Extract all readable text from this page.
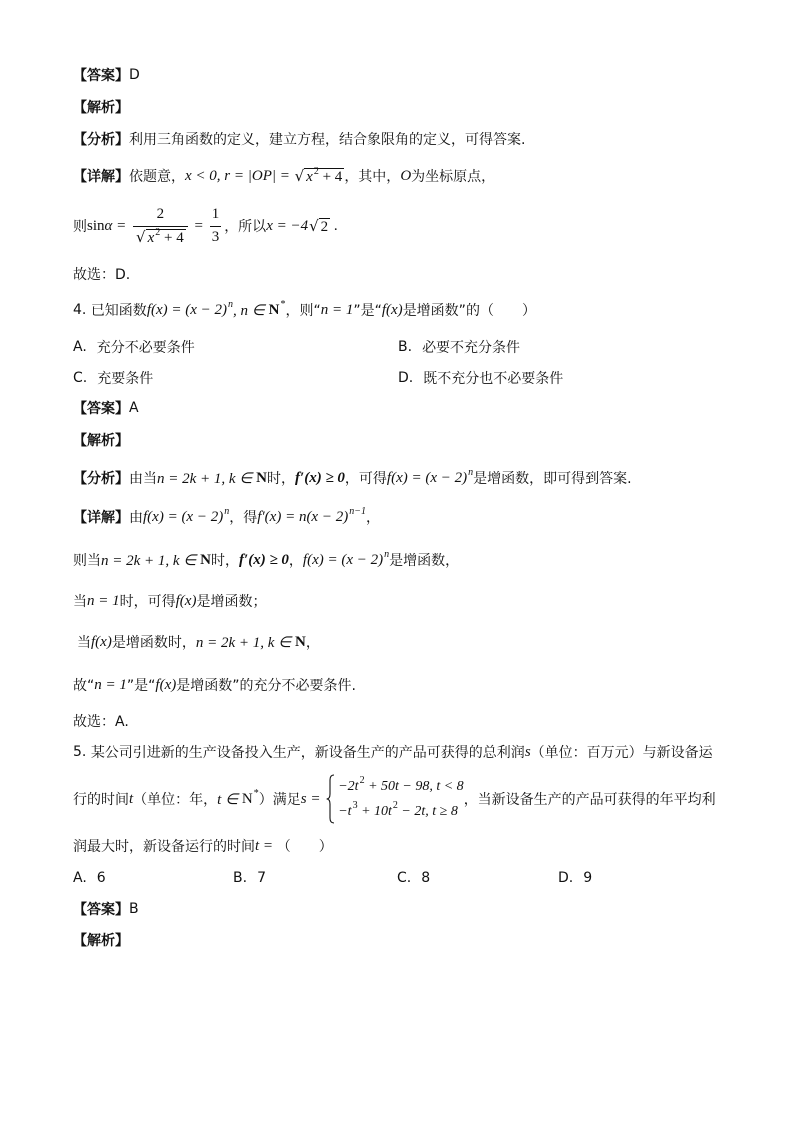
【答案】 D
【解析】
【分析】 利用三角函数的定义，建立方程，结合象限角的定义，可得答案.
【详解】 依题意， x < 0, r = |OP| = √ x 2 + 4 ，其中， O 为坐标原点，
则 $\sin \alpha = \frac{2}{√ x 2 + 4} = \frac{1}{3}$ ，所以 x = −4 √ 2 .
故选：D.
4. 已知函数 f(x) = (x − 2) n , n ∈ N * ，则“ n = 1 ”是“ f(x) 是增函数”的（　　）
A. 充分不必要条件	B. 必要不充分条件
C. 充要条件	D. 既不充分也不必要条件
【答案】 A
【解析】
【分析】 由当 n = 2k + 1, k ∈ N 时， f′(x) ≥ 0 ，可得 f(x) = (x − 2) n 是增函数，即可得到答案.
【详解】 由 f(x) = (x − 2) n ，得 f′(x) = n(x − 2) n−1 ，
则当 n = 2k + 1, k ∈ N 时， f′(x) ≥ 0 ， f(x) = (x − 2) n 是增函数，
当 n = 1 时，可得 f(x) 是增函数；
当 f(x) 是增函数时， n = 2k + 1, k ∈ N ，
故“ n = 1 ”是“ f(x) 是增函数”的充分不必要条件.
故选：A.
5. 某公司引进新的生产设备投入生产，新设备生产的产品可获得的总利润 s （单位：百万元）与新设备运
行的时间 t （单位：年， t ∈ N * ）满足 s =
−2t 2 + 50t − 98, t < 8
−t 3 + 10t 2 − 2t, t ≥ 8
，当新设备生产的产品可获得的年平均利
润最大时，新设备运行的时间 t = （　　）
A. 6	B. 7	C. 8	D. 9
【答案】 B
【解析】
